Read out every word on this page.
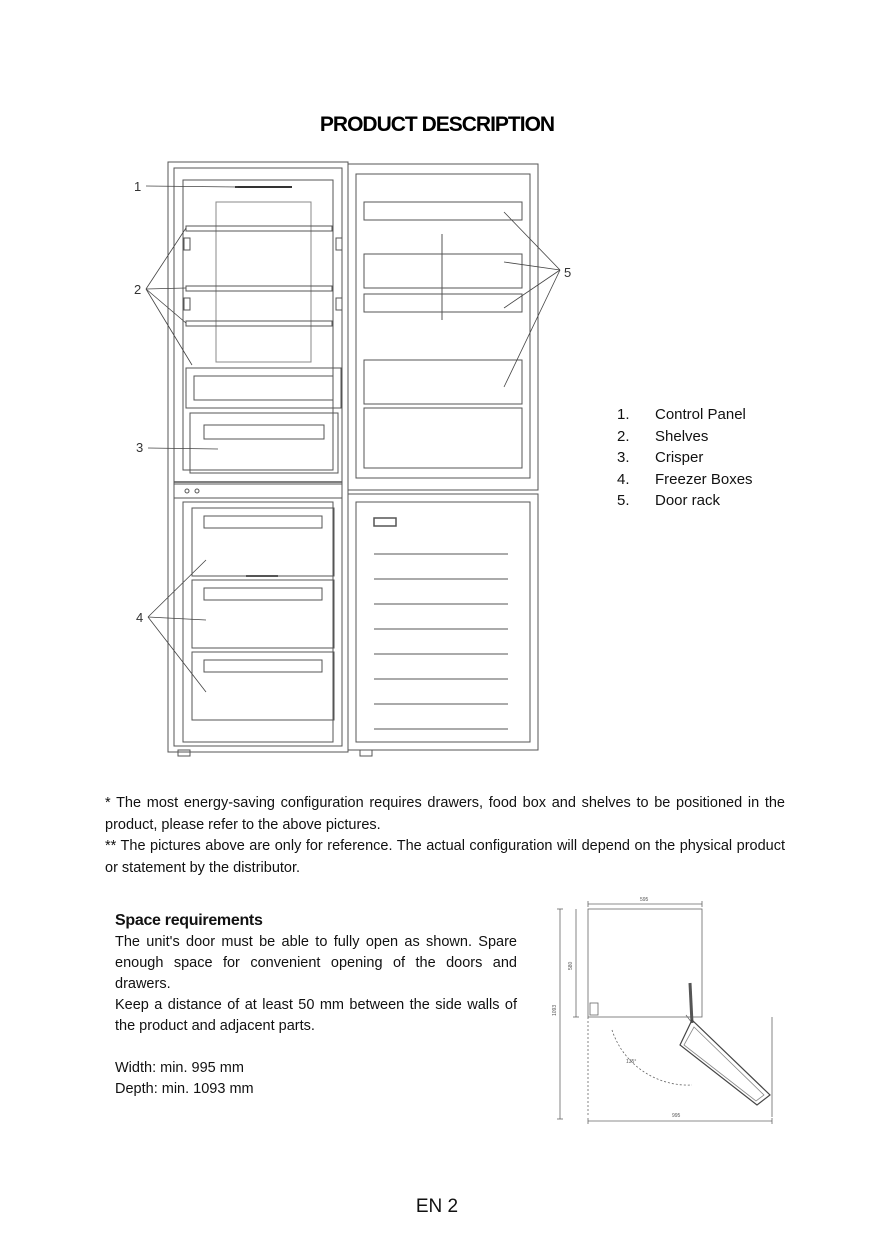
PRODUCT DESCRIPTION
1
2
3
4
5
1.	Control Panel
2.	Shelves
3.	Crisper
4.	Freezer Boxes
5.	Door rack

* The most energy-saving configuration requires drawers, food box and shelves to be positioned in the product, please refer to the above pictures.

** The pictures above are only for reference. The actual configuration will depend on the physical product or statement by the distributor.

Space requirements

The unit's door must be able to fully open as shown. Spare enough space for convenient opening of the doors and drawers.

Keep a distance of at least 50 mm between the side walls of the product and adjacent parts.

Width: min. 995 mm

Depth: min. 1093 mm

595
1093
580
995
135°
EN 2
